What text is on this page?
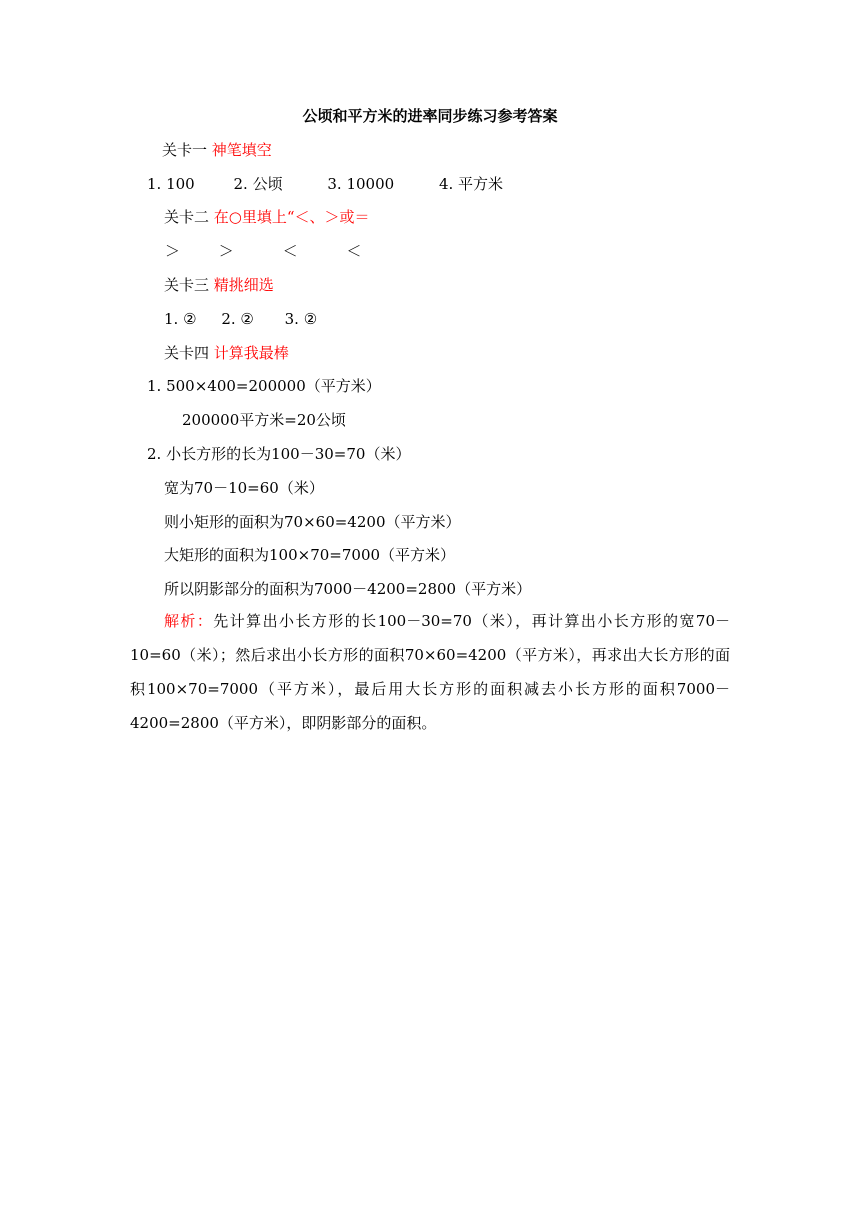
公顷和平方米的进率同步练习参考答案
关卡一 神笔填空
1. 100	2. 公顷	3. 10000	4. 平方米
关卡二 在○里填上“＜、＞或＝
＞	＞	＜	＜
关卡三 精挑细选
1. ② 2. ② 3. ②
关卡四 计算我最棒
1. 500×400=200000（平方米）
200000平方米=20公顷
2. 小长方形的长为100－30=70（米）
宽为70－10=60（米）
则小矩形的面积为70×60=4200（平方米）
大矩形的面积为100×70=7000（平方米）
所以阴影部分的面积为7000－4200=2800（平方米）
解析：先计算出小长方形的长100－30=70（米），再计算出小长方形的宽70－10=60（米）；然后求出小长方形的面积70×60=4200（平方米），再求出大长方形的面积100×70=7000（平方米），最后用大长方形的面积减去小长方形的面积7000－4200=2800（平方米），即阴影部分的面积。
